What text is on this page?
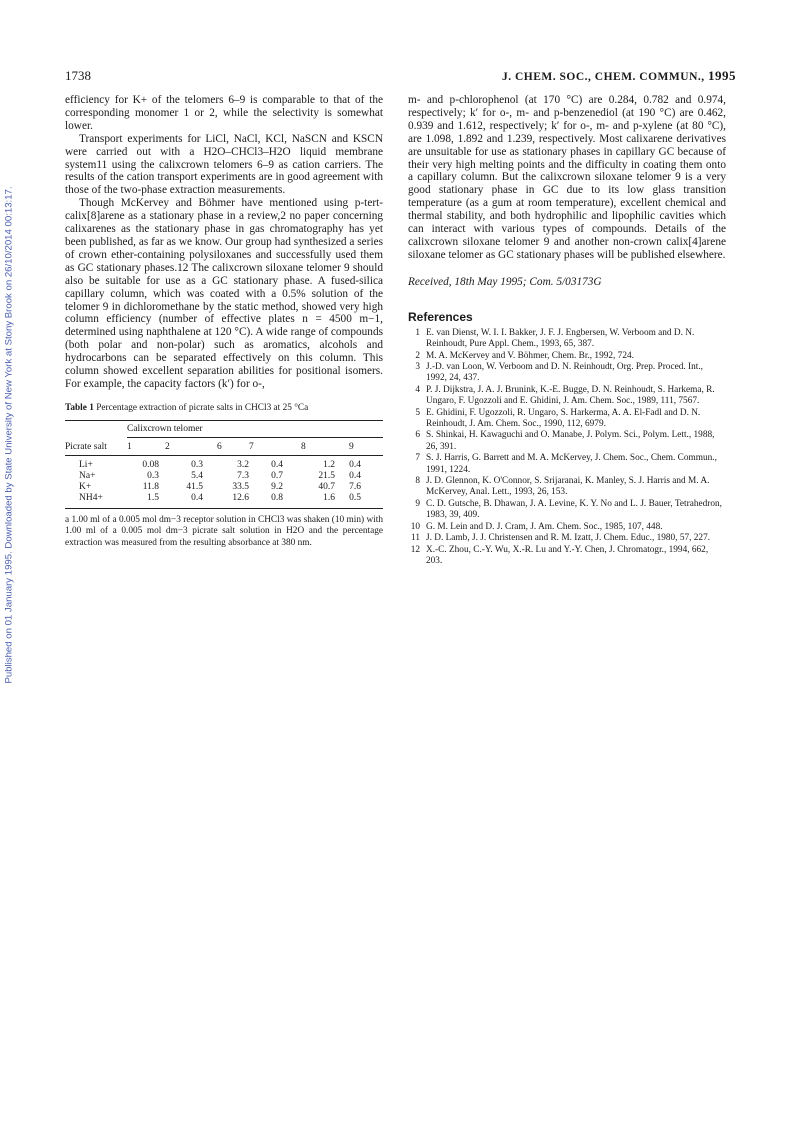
Published on 01 January 1995. Downloaded by State University of New York at Stony Brook on 26/10/2014 00:13:17.
1738	J. CHEM. SOC., CHEM. COMMUN., 1995

efficiency for K+ of the telomers 6–9 is comparable to that of the corresponding monomer 1 or 2, while the selectivity is somewhat lower.

Transport experiments for LiCl, NaCl, KCl, NaSCN and KSCN were carried out with a H2O–CHCl3–H2O liquid membrane system11 using the calixcrown telomers 6–9 as cation carriers. The results of the cation transport experiments are in good agreement with those of the two-phase extraction measurements.

Though McKervey and Böhmer have mentioned using p-tert-calix[8]arene as a stationary phase in a review,2 no paper concerning calixarenes as the stationary phase in gas chromatography has yet been published, as far as we know. Our group had synthesized a series of crown ether-containing polysiloxanes and successfully used them as GC stationary phases.12 The calixcrown siloxane telomer 9 should also be suitable for use as a GC stationary phase. A fused-silica capillary column, which was coated with a 0.5% solution of the telomer 9 in dichloromethane by the static method, showed very high column efficiency (number of effective plates n = 4500 m−1, determined using naphthalene at 120 °C). A wide range of compounds (both polar and non-polar) such as aromatics, alcohols and hydrocarbons can be separated effectively on this column. This column showed excellent separation abilities for positional isomers. For example, the capacity factors (k′) for o-,

Table 1 Percentage extraction of picrate salts in CHCl3 at 25 °Ca

	Calixcrown telomer					
Picrate salt	1	2	6	7	8	9

Li+	0.08	0.3	3.2	0.4	1.2	0.4
Na+	0.3	5.4	7.3	0.7	21.5	0.4
K+	11.8	41.5	33.5	9.2	40.7	7.6
NH4+	1.5	0.4	12.6	0.8	1.6	0.5

a 1.00 ml of a 0.005 mol dm−3 receptor solution in CHCl3 was shaken (10 min) with 1.00 ml of a 0.005 mol dm−3 picrate salt solution in H2O and the percentage extraction was measured from the resulting absorbance at 380 nm.

m- and p-chlorophenol (at 170 °C) are 0.284, 0.782 and 0.974, respectively; k′ for o-, m- and p-benzenediol (at 190 °C) are 0.462, 0.939 and 1.612, respectively; k′ for o-, m- and p-xylene (at 80 °C), are 1.098, 1.892 and 1.239, respectively. Most calixarene derivatives are unsuitable for use as stationary phases in capillary GC because of their very high melting points and the difficulty in coating them onto a capillary column. But the calixcrown siloxane telomer 9 is a very good stationary phase in GC due to its low glass transition temperature (as a gum at room temperature), excellent chemical and thermal stability, and both hydrophilic and lipophilic cavities which can interact with various types of compounds. Details of the calixcrown siloxane telomer 9 and another non-crown calix[4]arene siloxane telomer as GC stationary phases will be published elsewhere.

Received, 18th May 1995; Com. 5/03173G
References
1 E. van Dienst, W. I. I. Bakker, J. F. J. Engbersen, W. Verboom and D. N. Reinhoudt, Pure Appl. Chem., 1993, 65, 387.
2 M. A. McKervey and V. Böhmer, Chem. Br., 1992, 724.
3 J.-D. van Loon, W. Verboom and D. N. Reinhoudt, Org. Prep. Proced. Int., 1992, 24, 437.
4 P. J. Dijkstra, J. A. J. Brunink, K.-E. Bugge, D. N. Reinhoudt, S. Harkema, R. Ungaro, F. Ugozzoli and E. Ghidini, J. Am. Chem. Soc., 1989, 111, 7567.
5 E. Ghidini, F. Ugozzoli, R. Ungaro, S. Harkerma, A. A. El-Fadl and D. N. Reinhoudt, J. Am. Chem. Soc., 1990, 112, 6979.
6 S. Shinkai, H. Kawaguchi and O. Manabe, J. Polym. Sci., Polym. Lett., 1988, 26, 391.
7 S. J. Harris, G. Barrett and M. A. McKervey, J. Chem. Soc., Chem. Commun., 1991, 1224.
8 J. D. Glennon, K. O'Connor, S. Srijaranai, K. Manley, S. J. Harris and M. A. McKervey, Anal. Lett., 1993, 26, 153.
9 C. D. Gutsche, B. Dhawan, J. A. Levine, K. Y. No and L. J. Bauer, Tetrahedron, 1983, 39, 409.
10 G. M. Lein and D. J. Cram, J. Am. Chem. Soc., 1985, 107, 448.
11 J. D. Lamb, J. J. Christensen and R. M. Izatt, J. Chem. Educ., 1980, 57, 227.
12 X.-C. Zhou, C.-Y. Wu, X.-R. Lu and Y.-Y. Chen, J. Chromatogr., 1994, 662, 203.
